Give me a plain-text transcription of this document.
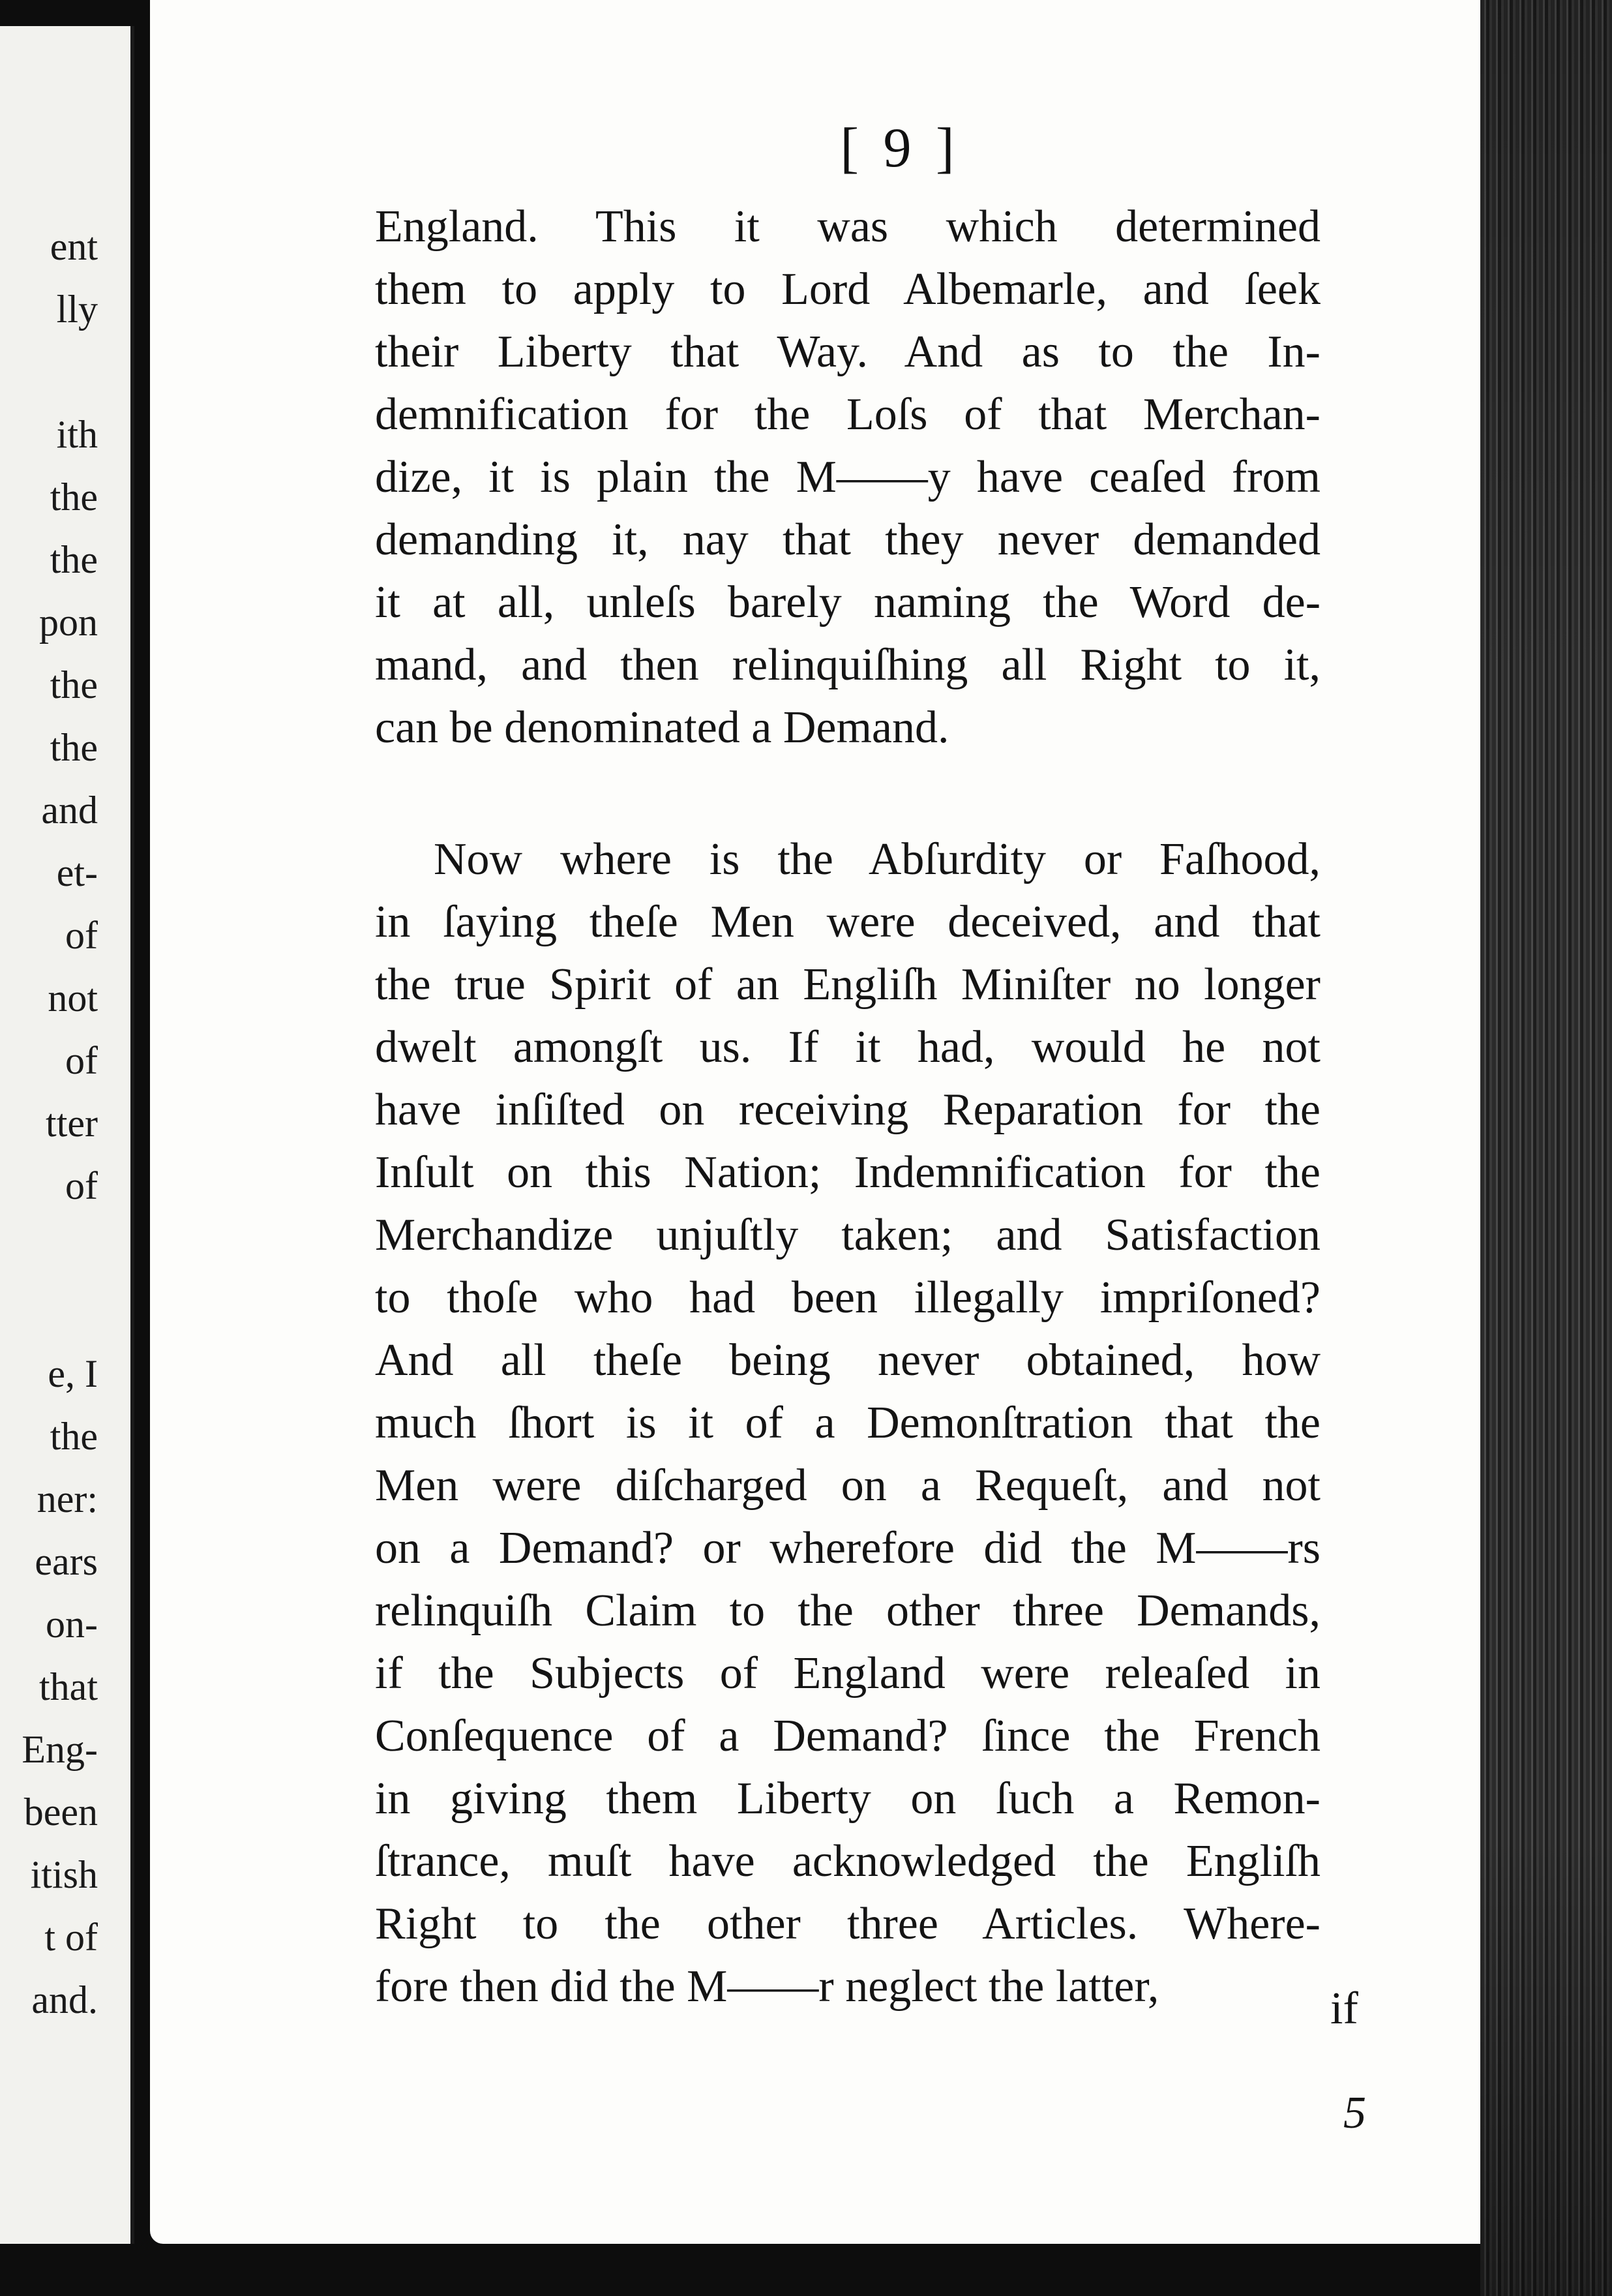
ent
lly
ith
the
the
pon
the
the
and
et-
of
not
of
tter
of
e, I
the
ner:
ears
on-
that
Eng-
been
itish
t of
and.
[ 9 ]
England. This it was which determined
them to apply to Lord Albemarle, and ſeek
their Liberty that Way. And as to the In-
demnification for the Loſs of that Merchan-
dize, it is plain the M——y have ceaſed from
demanding it, nay that they never demanded
it at all, unleſs barely naming the Word de-
mand, and then relinquiſhing all Right to it,
can be denominated a Demand.
Now where is the Abſurdity or Faſhood,
in ſaying theſe Men were deceived, and that
the true Spirit of an Engliſh Miniſter no longer
dwelt amongſt us. If it had, would he not
have inſiſted on receiving Reparation for the
Inſult on this Nation; Indemnification for the
Merchandize unjuſtly taken; and Satisfaction
to thoſe who had been illegally impriſoned?
And all theſe being never obtained, how
much ſhort is it of a Demonſtration that the
Men were diſcharged on a Requeſt, and not
on a Demand? or wherefore did the M——rs
relinquiſh Claim to the other three Demands,
if the Subjects of England were releaſed in
Conſequence of a Demand? ſince the French
in giving them Liberty on ſuch a Remon-
ſtrance, muſt have acknowledged the Engliſh
Right to the other three Articles. Where-
fore then did the M——r neglect the latter,	if
5
